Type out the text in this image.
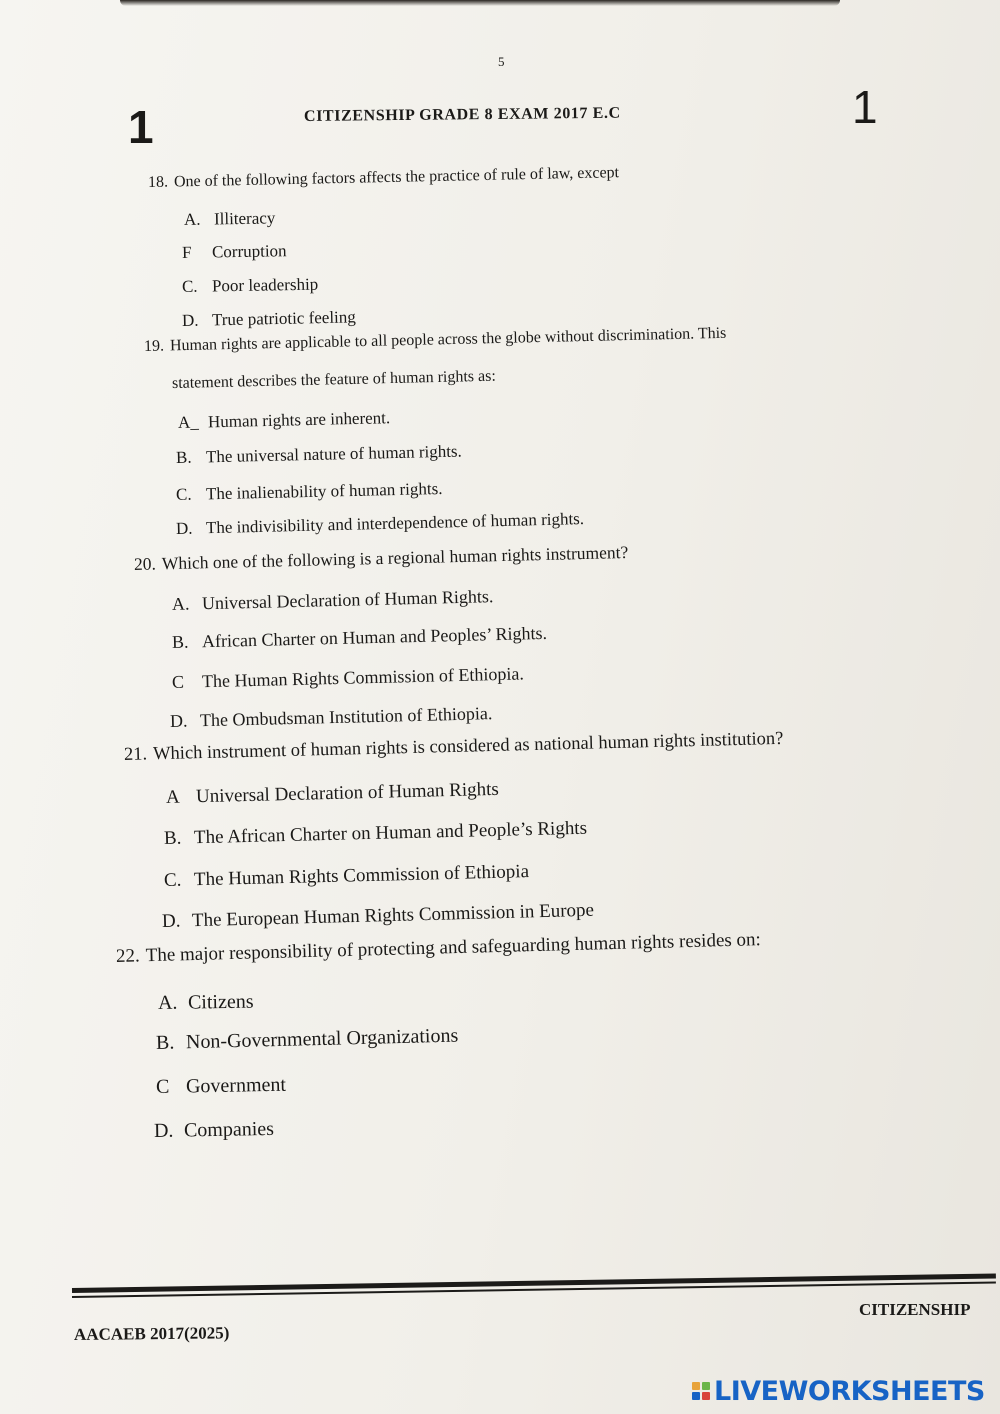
5
1	1
CITIZENSHIP GRADE 8 EXAM 2017 E.C
18. One of the following factors affects the practice of rule of law, except
A. Illiteracy
F Corruption
C. Poor leadership
D. True patriotic feeling
19. Human rights are applicable to all people across the globe without discrimination. This
statement describes the feature of human rights as:
A_ Human rights are inherent.
B. The universal nature of human rights.
C. The inalienability of human rights.
D. The indivisibility and interdependence of human rights.
20. Which one of the following is a regional human rights instrument?
A. Universal Declaration of Human Rights.
B. African Charter on Human and Peoples’ Rights.
C The Human Rights Commission of Ethiopia.
D. The Ombudsman Institution of Ethiopia.
21. Which instrument of human rights is considered as national human rights institution?
A Universal Declaration of Human Rights
B. The African Charter on Human and People’s Rights
C. The Human Rights Commission of Ethiopia
D. The European Human Rights Commission in Europe
22. The major responsibility of protecting and safeguarding human rights resides on:
A. Citizens
B. Non-Governmental Organizations
C Government
D. Companies
CITIZENSHIP
AACAEB 2017(2025)
LIVEWORKSHEETS
